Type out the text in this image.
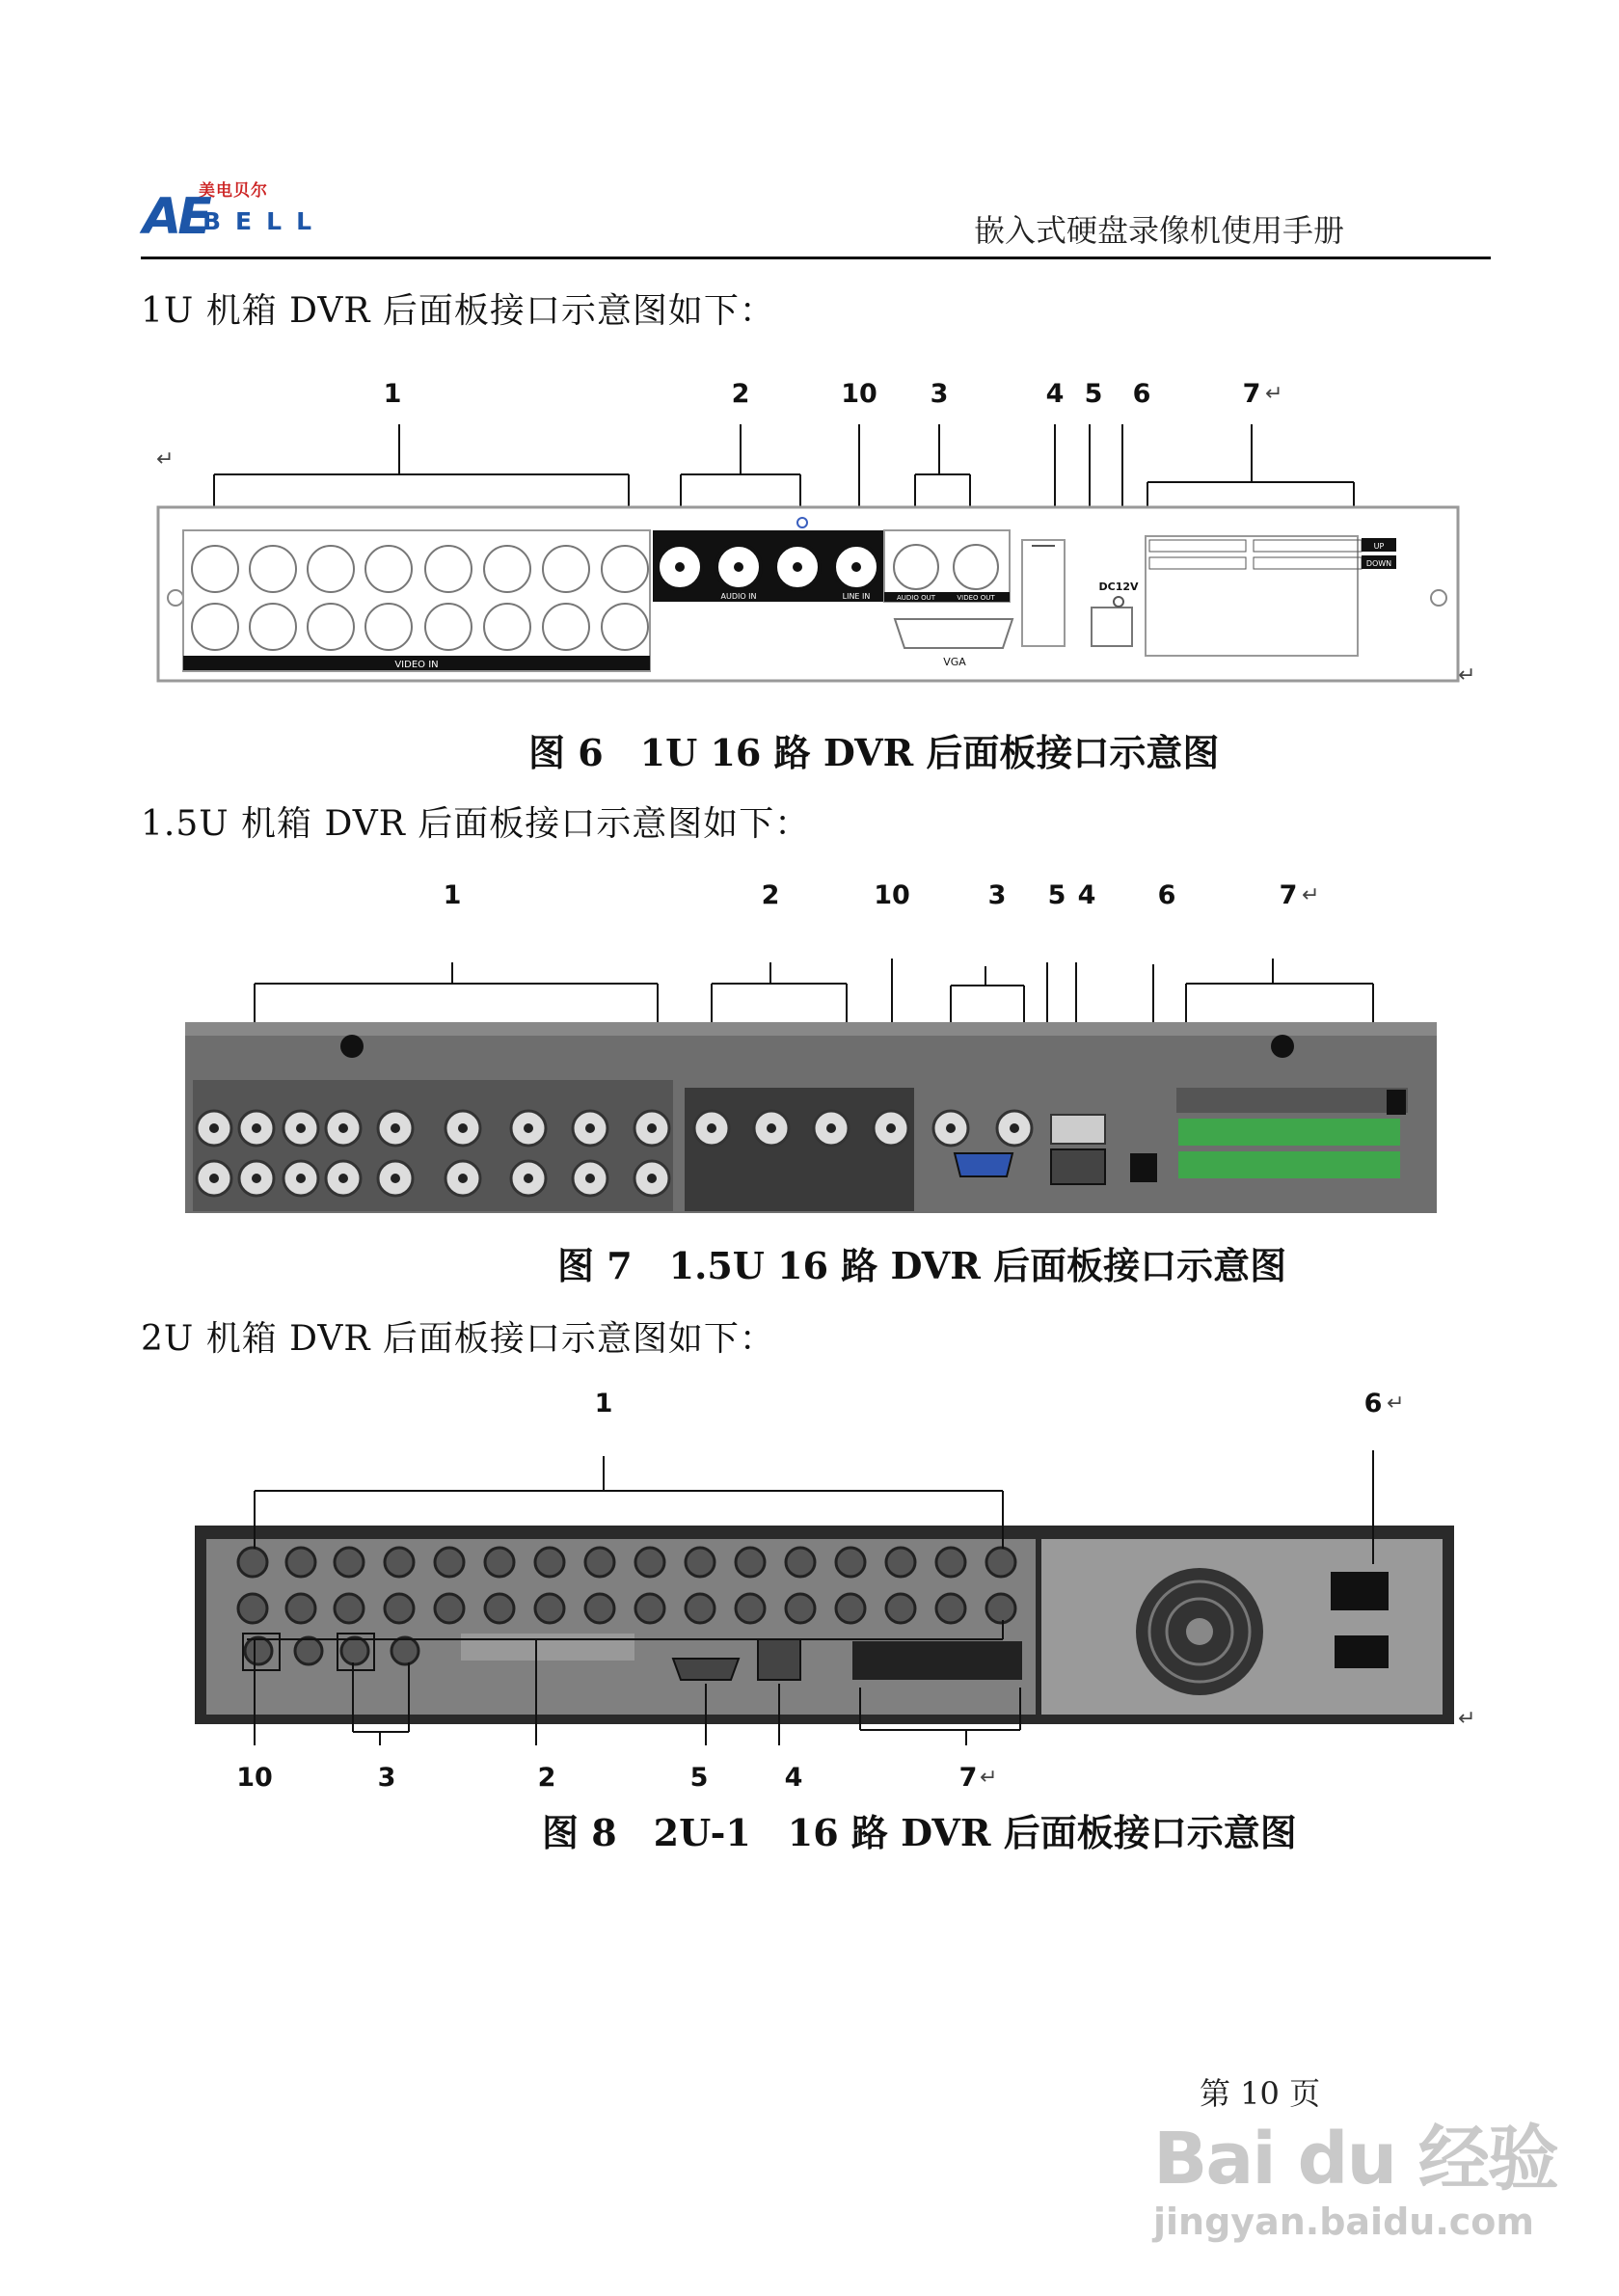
美电贝尔
AE
BELL	嵌入式硬盘录像机使用手册
1U 机箱 DVR 后面板接口示意图如下：
1	2	10 3	4 5 6	7 ↵
↵
↵
VIDEO IN
AUDIO IN	LINE IN	AUDIO OUT	VIDEO OUT
VGA
DC12V
UP
DOWN
图 6　1U 16 路 DVR 后面板接口示意图
1.5U 机箱 DVR 后面板接口示意图如下：
1	2	10	3 5 4 6	7 ↵
图 7　1.5U 16 路 DVR 后面板接口示意图
2U 机箱 DVR 后面板接口示意图如下：
1	6 ↵
↵
10	3	2	5	4	7 ↵
图 8　2U-1　16 路 DVR 后面板接口示意图
第 10 页
Bai du 经验
jingyan.baidu.com
